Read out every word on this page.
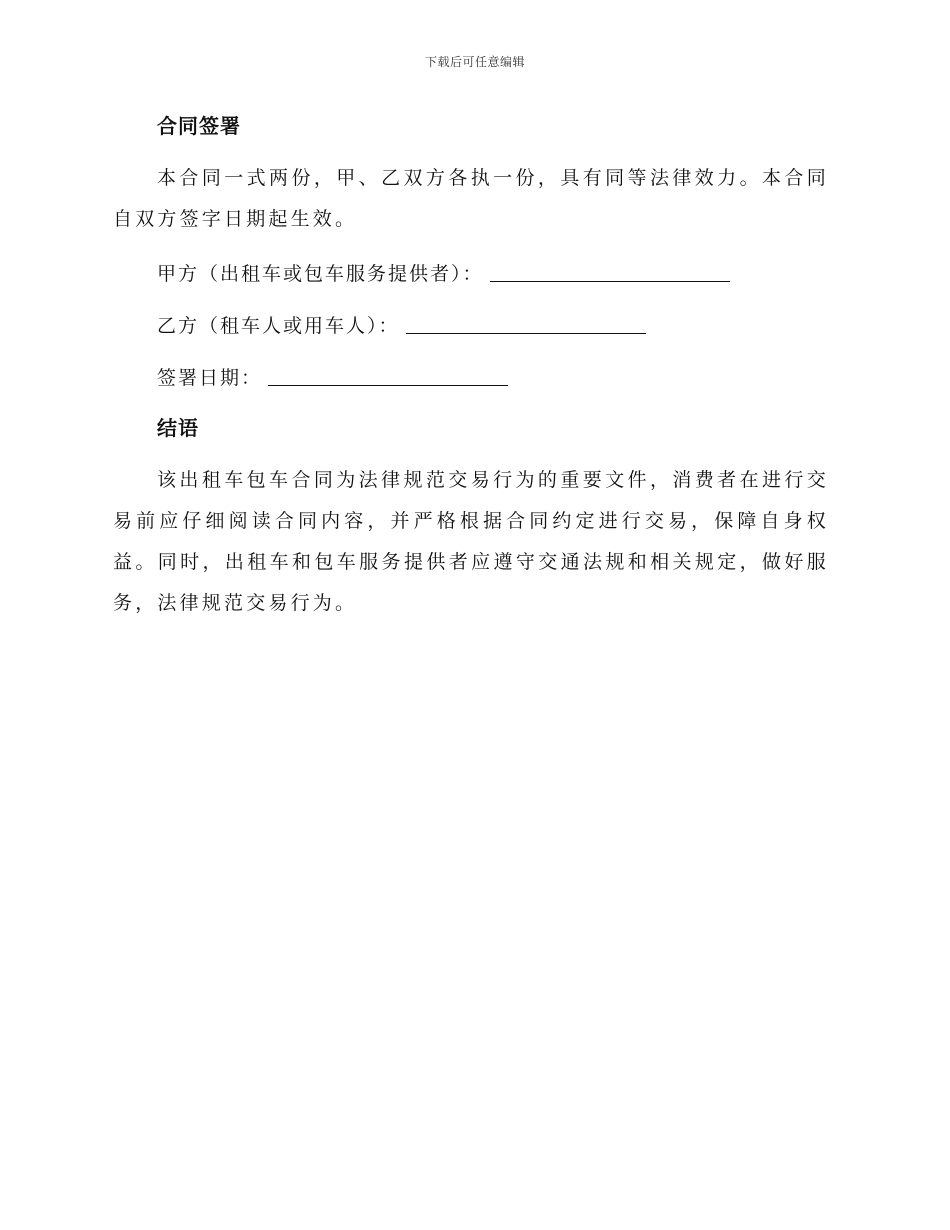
下载后可任意编辑
合同签署

本合同一式两份，甲、乙双方各执一份，具有同等法律效力。本合同自双方签字日期起生效。

甲方（出租车或包车服务提供者）：
乙方（租车人或用车人）：
签署日期：
结语

该出租车包车合同为法律规范交易行为的重要文件，消费者在进行交易前应仔细阅读合同内容，并严格根据合同约定进行交易，保障自身权益。同时，出租车和包车服务提供者应遵守交通法规和相关规定，做好服务，法律规范交易行为。
